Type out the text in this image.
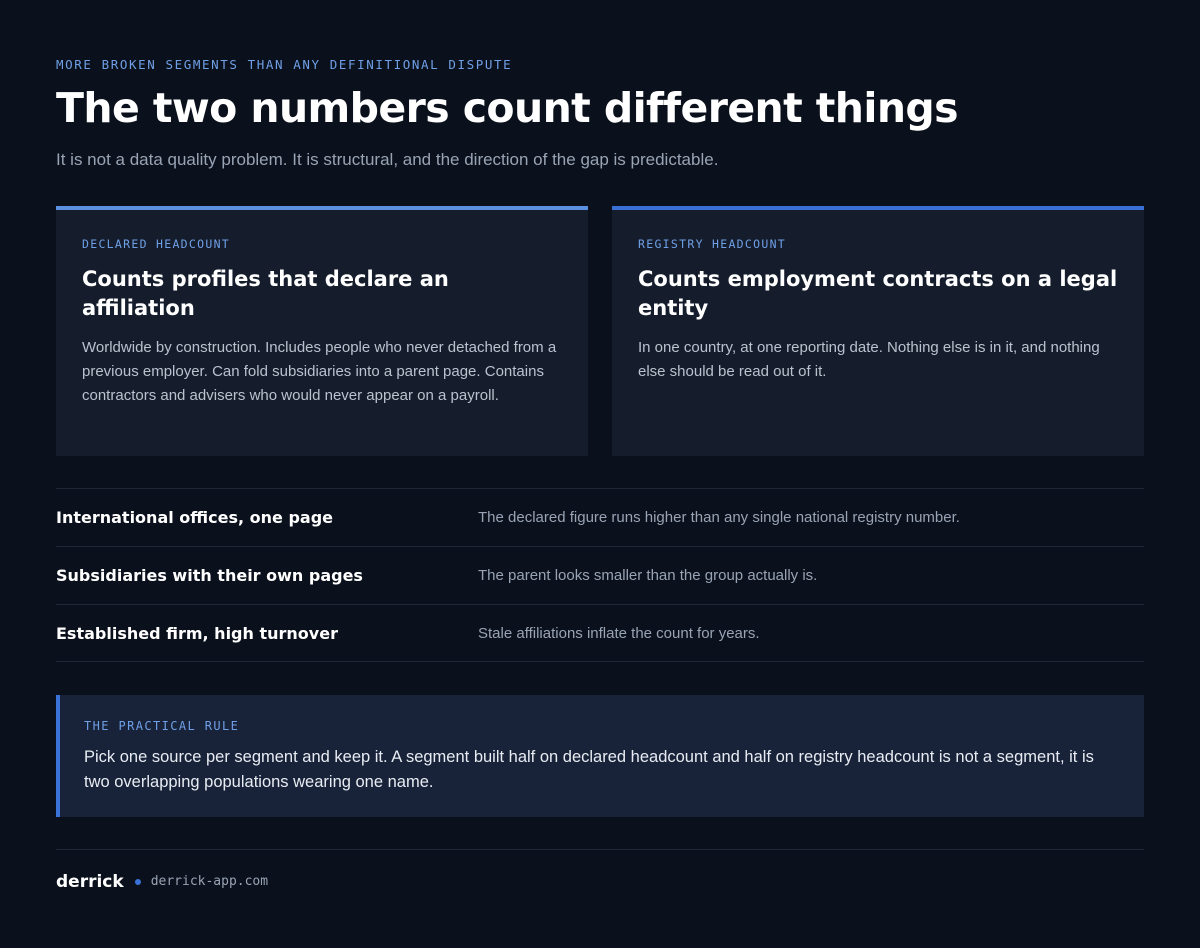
MORE BROKEN SEGMENTS THAN ANY DEFINITIONAL DISPUTE
The two numbers count different things

It is not a data quality problem. It is structural, and the direction of the gap is predictable.

DECLARED HEADCOUNT
Counts profiles that declare an affiliation
Worldwide by construction. Includes people who never detached from a previous employer. Can fold subsidiaries into a parent page. Contains contractors and advisers who would never appear on a payroll.
REGISTRY HEADCOUNT
Counts employment contracts on a legal entity
In one country, at one reporting date. Nothing else is in it, and nothing else should be read out of it.
International offices, one page	The declared figure runs higher than any single national registry number.
Subsidiaries with their own pages	The parent looks smaller than the group actually is.
Established firm, high turnover	Stale affiliations inflate the count for years.
THE PRACTICAL RULE
Pick one source per segment and keep it. A segment built half on declared headcount and half on registry headcount is not a segment, it is two overlapping populations wearing one name.
derrick derrick-app.com
